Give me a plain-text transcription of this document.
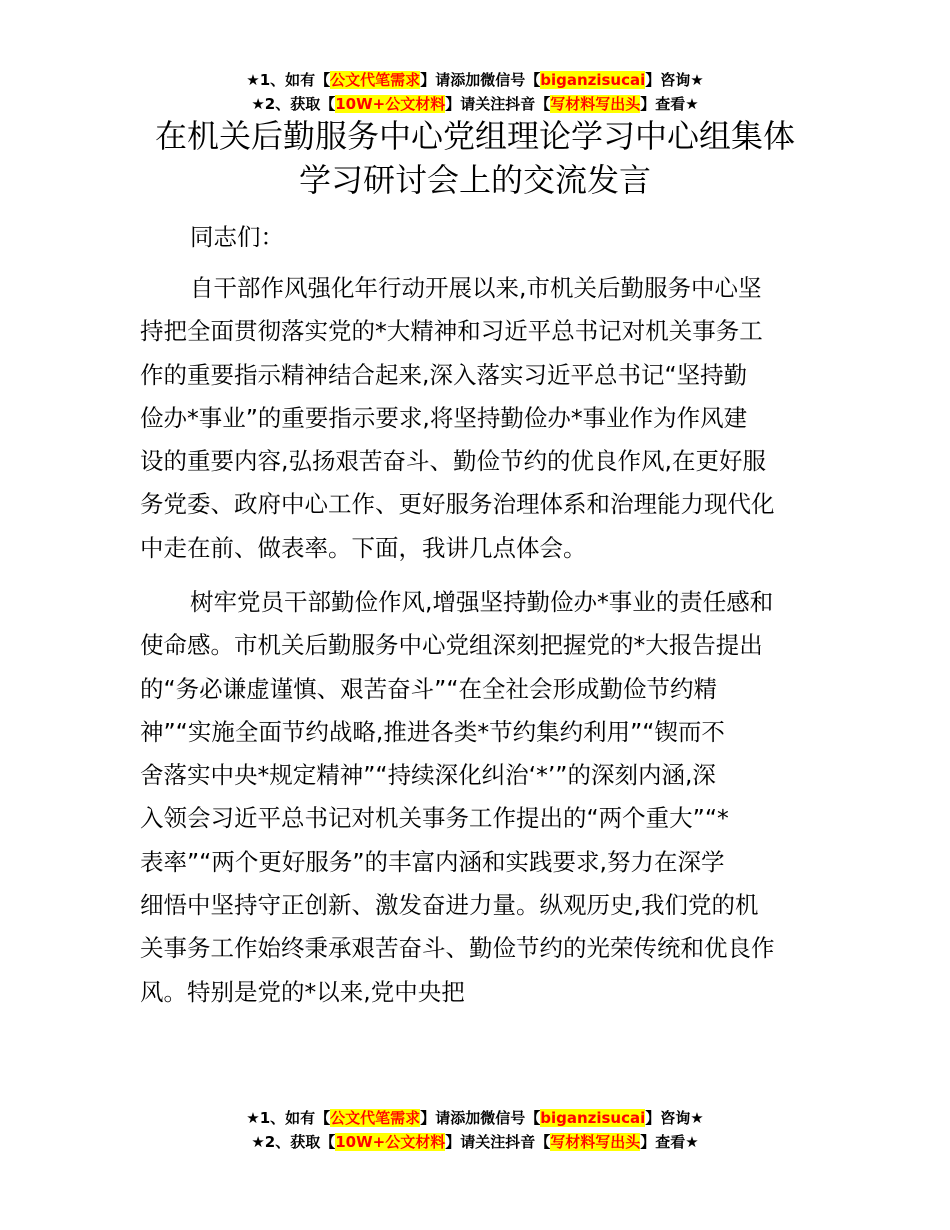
★1、如有【公文代笔需求】请添加微信号【biganzisucai】咨询★
★2、获取【10W+公文材料】请关注抖音【写材料写出头】查看★
在机关后勤服务中心党组理论学习中心组集体
学习研讨会上的交流发言
同志们：
自干部作风强化年行动开展以来,市机关后勤服务中心坚
持把全面贯彻落实党的*大精神和习近平总书记对机关事务工
作的重要指示精神结合起来,深入落实习近平总书记“坚持勤
俭办*事业”的重要指示要求,将坚持勤俭办*事业作为作风建
设的重要内容,弘扬艰苦奋斗、勤俭节约的优良作风,在更好服
务党委、政府中心工作、更好服务治理体系和治理能力现代化
中走在前、做表率。下面，我讲几点体会。
树牢党员干部勤俭作风,增强坚持勤俭办*事业的责任感和
使命感。市机关后勤服务中心党组深刻把握党的*大报告提出
的“务必谦虚谨慎、艰苦奋斗”“在全社会形成勤俭节约精
神”“实施全面节约战略,推进各类*节约集约利用”“锲而不
舍落实中央*规定精神”“持续深化纠治‘*’”的深刻内涵,深
入领会习近平总书记对机关事务工作提出的“两个重大”“*
表率”“两个更好服务”的丰富内涵和实践要求,努力在深学
细悟中坚持守正创新、激发奋进力量。纵观历史,我们党的机
关事务工作始终秉承艰苦奋斗、勤俭节约的光荣传统和优良作
风。特别是党的*以来,党中央把
★1、如有【公文代笔需求】请添加微信号【biganzisucai】咨询★
★2、获取【10W+公文材料】请关注抖音【写材料写出头】查看★
